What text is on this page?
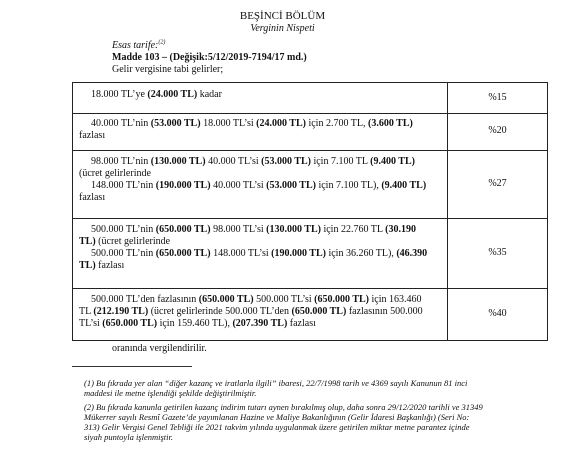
BEŞİNCİ BÖLÜM
Verginin Nispeti
Esas tarife:$^{(2)}$
Madde 103 – (Değişik:5/12/2019-7194/17 md.)
Gelir vergisine tabi gelirler;
18.000 TL’ye (24.000 TL) kadar	%15
40.000 TL’nin (53.000 TL) 18.000 TL’si (24.000 TL) için 2.700 TL, (3.600 TL)
fazlası	%20
98.000 TL’nin (130.000 TL) 40.000 TL’si (53.000 TL) için 7.100 TL (9.400 TL)
(ücret gelirlerinde
148.000 TL’nin (190.000 TL) 40.000 TL’si (53.000 TL) için 7.100 TL), (9.400 TL)
fazlası
%27
500.000 TL’nin (650.000 TL) 98.000 TL’si (130.000 TL) için 22.760 TL (30.190
TL) (ücret gelirlerinde
500.000 TL’nin (650.000 TL) 148.000 TL’si (190.000 TL) için 36.260 TL), (46.390
TL) fazlası
%35
500.000 TL’den fazlasının (650.000 TL) 500.000 TL’si (650.000 TL) için 163.460
TL (212.190 TL) (ücret gelirlerinde 500.000 TL’den (650.000 TL) fazlasının 500.000
TL’si (650.000 TL) için 159.460 TL), (207.390 TL) fazlası
%40
oranında vergilendirilir.
(1) Bu fıkrada yer alan “diğer kazanç ve iratlarla ilgili” ibaresi, 22/7/1998 tarih ve 4369 sayılı Kanunun 81 inci maddesi ile metne işlendiği şekilde değiştirilmiştir.
(2) Bu fıkrada kanunla getirilen kazanç indirim tutarı aynen bırakılmış olup, daha sonra 29/12/2020 tarihli ve 31349 Mükerrer sayılı Resmî Gazete’de yayımlanan Hazine ve Maliye Bakanlığının (Gelir İdaresi Başkanlığı) (Seri No: 313) Gelir Vergisi Genel Tebliği ile 2021 takvim yılında uygulanmak üzere getirilen miktar metne parantez içinde siyah puntoyla işlenmiştir.
